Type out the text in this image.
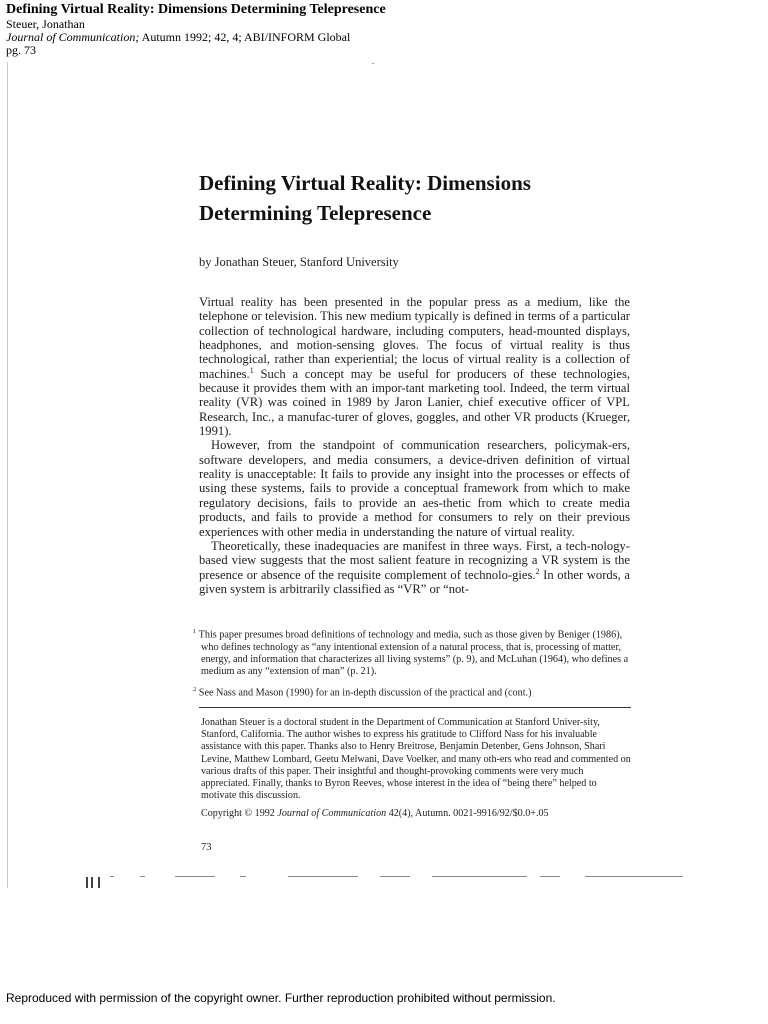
Defining Virtual Reality: Dimensions Determining Telepresence
Steuer, Jonathan
Journal of Communication; Autumn 1992; 42, 4; ABI/INFORM Global
pg. 73
Defining Virtual Reality: Dimensions
Determining Telepresence
by Jonathan Steuer, Stanford University

Virtual reality has been presented in the popular press as a medium, like the telephone or television. This new medium typically is defined in terms of a particular collection of technological hardware, including computers, head-mounted displays, headphones, and motion-sensing gloves. The focus of virtual reality is thus technological, rather than experiential; the locus of virtual reality is a collection of machines.$^1$ Such a concept may be useful for producers of these technologies, because it provides them with an impor-tant marketing tool. Indeed, the term virtual reality (VR) was coined in 1989 by Jaron Lanier, chief executive officer of VPL Research, Inc., a manufac-turer of gloves, goggles, and other VR products (Krueger, 1991).

However, from the standpoint of communication researchers, policymak-ers, software developers, and media consumers, a device-driven definition of virtual reality is unacceptable: It fails to provide any insight into the processes or effects of using these systems, fails to provide a conceptual framework from which to make regulatory decisions, fails to provide an aes-thetic from which to create media products, and fails to provide a method for consumers to rely on their previous experiences with other media in understanding the nature of virtual reality.

Theoretically, these inadequacies are manifest in three ways. First, a tech-nology-based view suggests that the most salient feature in recognizing a VR system is the presence or absence of the requisite complement of technolo-gies.$^2$ In other words, a given system is arbitrarily classified as “VR” or “not-

$^1$ This paper presumes broad definitions of technology and media, such as those given by Beniger (1986), who defines technology as “any intentional extension of a natural process, that is, processing of matter, energy, and information that characterizes all living systems” (p. 9), and McLuhan (1964), who defines a medium as any “extension of man” (p. 21).

$^2$ See Nass and Mason (1990) for an in-depth discussion of the practical and (cont.)

Jonathan Steuer is a doctoral student in the Department of Communication at Stanford Univer-sity, Stanford, California. The author wishes to express his gratitude to Clifford Nass for his invaluable assistance with this paper. Thanks also to Henry Breitrose, Benjamin Detenber, Gens Johnson, Shari Levine, Matthew Lombard, Geetu Melwani, Dave Voelker, and many oth-ers who read and commented on various drafts of this paper. Their insightful and thought-provoking comments were very much appreciated. Finally, thanks to Byron Reeves, whose interest in the idea of “being there” helped to motivate this discussion.

Copyright © 1992 Journal of Communication 42(4), Autumn. 0021-9916/92/$0.0+.05

73
Reproduced with permission of the copyright owner. Further reproduction prohibited without permission.
